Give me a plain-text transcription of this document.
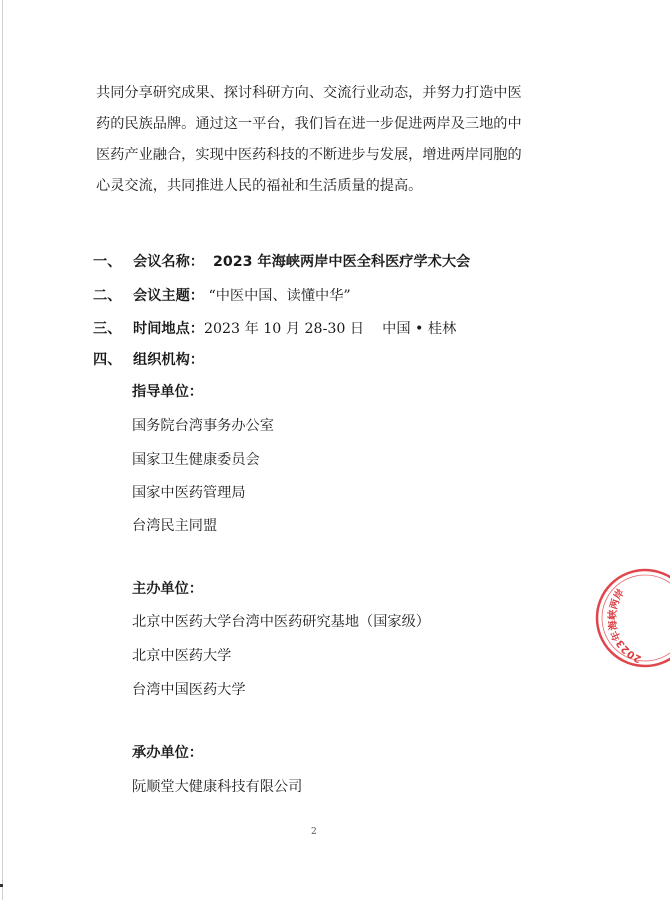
共同分享研究成果、探讨科研方向、交流行业动态，并努力打造中医
药的民族品牌。通过这一平台，我们旨在进一步促进两岸及三地的中
医药产业融合，实现中医药科技的不断进步与发展，增进两岸同胞的
心灵交流，共同推进人民的福祉和生活质量的提高。
一、 会议名称： 2023 年海峡两岸中医全科医疗学术大会
二、 会议主题： “中医中国、读懂中华”
三、 时间地点：2023 年 10 月 28-30 日    中国 • 桂林
四、 组织机构：
指导单位：
国务院台湾事务办公室
国家卫生健康委员会
国家中医药管理局
台湾民主同盟
主办单位：
北京中医药大学台湾中医药研究基地（国家级）
北京中医药大学
台湾中国医药大学
承办单位：
阮顺堂大健康科技有限公司
2
2023年海峡两岸
